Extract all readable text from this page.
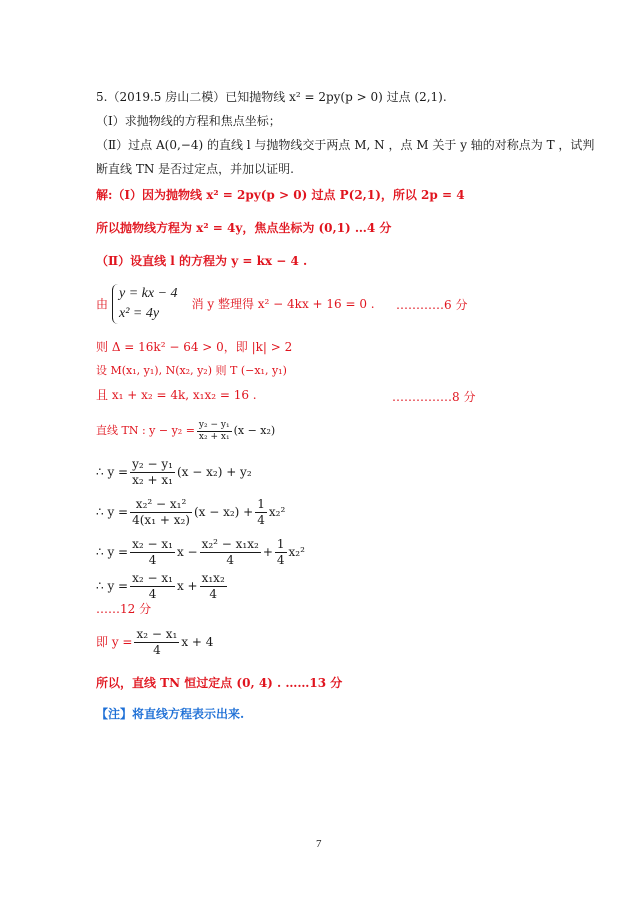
5.（2019.5 房山二模）已知抛物线 x² = 2py(p > 0) 过点 (2,1).
（Ⅰ）求抛物线的方程和焦点坐标；
（Ⅱ）过点 A(0,−4) 的直线 l 与抛物线交于两点 M, N ，点 M 关于 y 轴的对称点为 T ，试判
断直线 TN 是否过定点，并加以证明.
解:（Ⅰ）因为抛物线 x² = 2py(p > 0) 过点 P(2,1)，所以 2p = 4
所以抛物线方程为 x² = 4y，焦点坐标为 (0,1) …4 分
（Ⅱ）设直线 l 的方程为 y = kx − 4 .
由
y = kx − 4
x² = 4y
消 y 整理得 x² − 4kx + 16 = 0 . …………6 分
则 Δ = 16k² − 64 > 0，即 |k| > 2
设 M(x₁, y₁), N(x₂, y₂) 则 T (−x₁, y₁)
且 x₁ + x₂ = 4k, x₁x₂ = 16 .	……………8 分
直线 TN : $y - y_2 = \frac{\text{y₂ − y₁}}{\text{x₂ + x₁}} (x - x_2)$
∴ $y = \frac{\text{y₂ − y₁}}{\text{x₂ + x₁}} (x - x_2) + y_2$
∴ $y = \frac{\text{x₂² − x₁²}}{\text{4(x₁ + x₂)}} (x - x_2) + \frac{1}{4} x_2^2$
∴ $y = \frac{\text{x₂ − x₁}}{4}$ $x - \frac{\text{x₂² − x₁x₂}}{4} + \frac{1}{4} x_2^2$
∴ $y = \frac{\text{x₂ − x₁}}{4}$ $x + \frac{\text{x₁x₂}}{4}$
……12 分
即 $y = \frac{\text{x₂ − x₁}}{4}$ x + 4
所以，直线 TN 恒过定点 (0, 4) . ……13 分
【注】将直线方程表示出来.
7
